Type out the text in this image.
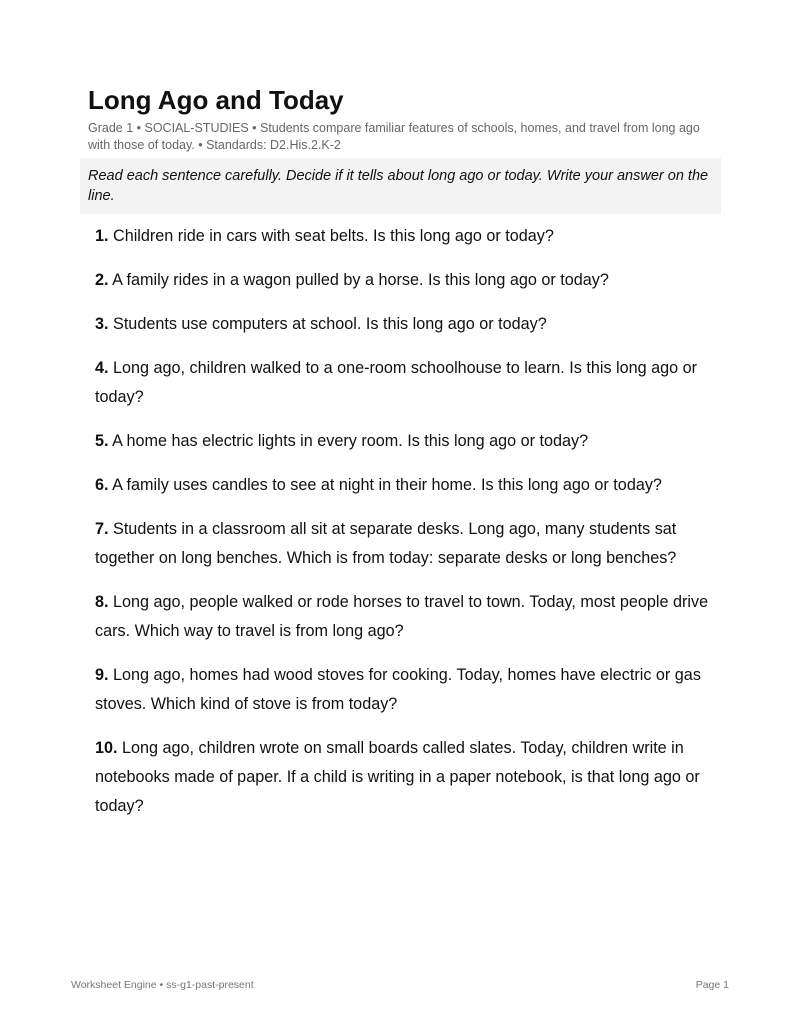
Long Ago and Today
Grade 1 • SOCIAL-STUDIES • Students compare familiar features of schools, homes, and travel from long ago with those of today. • Standards: D2.His.2.K-2
Read each sentence carefully. Decide if it tells about long ago or today. Write your answer on the line.
1. Children ride in cars with seat belts. Is this long ago or today?
2. A family rides in a wagon pulled by a horse. Is this long ago or today?
3. Students use computers at school. Is this long ago or today?
4. Long ago, children walked to a one-room schoolhouse to learn. Is this long ago or today?
5. A home has electric lights in every room. Is this long ago or today?
6. A family uses candles to see at night in their home. Is this long ago or today?
7. Students in a classroom all sit at separate desks. Long ago, many students sat together on long benches. Which is from today: separate desks or long benches?
8. Long ago, people walked or rode horses to travel to town. Today, most people drive cars. Which way to travel is from long ago?
9. Long ago, homes had wood stoves for cooking. Today, homes have electric or gas stoves. Which kind of stove is from today?
10. Long ago, children wrote on small boards called slates. Today, children write in notebooks made of paper. If a child is writing in a paper notebook, is that long ago or today?
Worksheet Engine • ss-g1-past-present	Page 1
